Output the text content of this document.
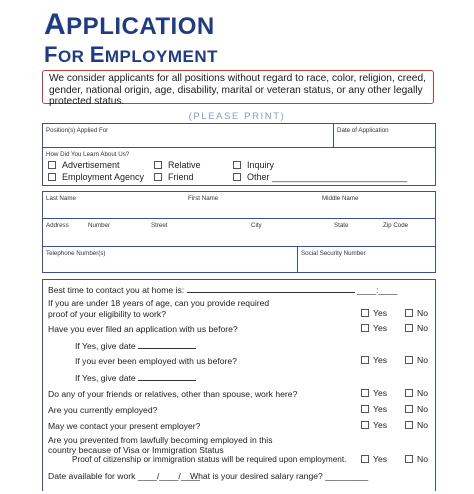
APPLICATION
FOR EMPLOYMENT
We consider applicants for all positions without regard to race, color, religion, creed, gender, national origin, age, disability, marital or veteran status, or any other legally protected status.
(PLEASE PRINT)
Position(s) Applied For	Date of Application
How Did You Learn About Us?
Advertisement	Relative	Inquiry
Employment Agency	Friend	Other ___________________________
Last Name	First Name	Middle Name
Address	Number	Street	City	State	Zip Code
Telephone Number(s)	Social Security Number
Best time to contact you at home is:	____:____
If you are under 18 years of age, can you provide required
proof of your eligibility to work?	Yes	No
Have you ever filed an application with us before?	Yes	No
If Yes, give date
If you ever been employed with us before?	Yes	No
If Yes, give date
Do any of your friends or relatives, other than spouse, work here?	Yes	No
Are you currently employed?	Yes	No
May we contact your present employer?	Yes	No
Are you prevented from lawfully becoming employed in this
country because of Visa or Immigration Status
Proof of citizenship or immigration status will be required upon employment.	Yes	No
Date available for work ____/____/____
What is your desired salary range? _________
